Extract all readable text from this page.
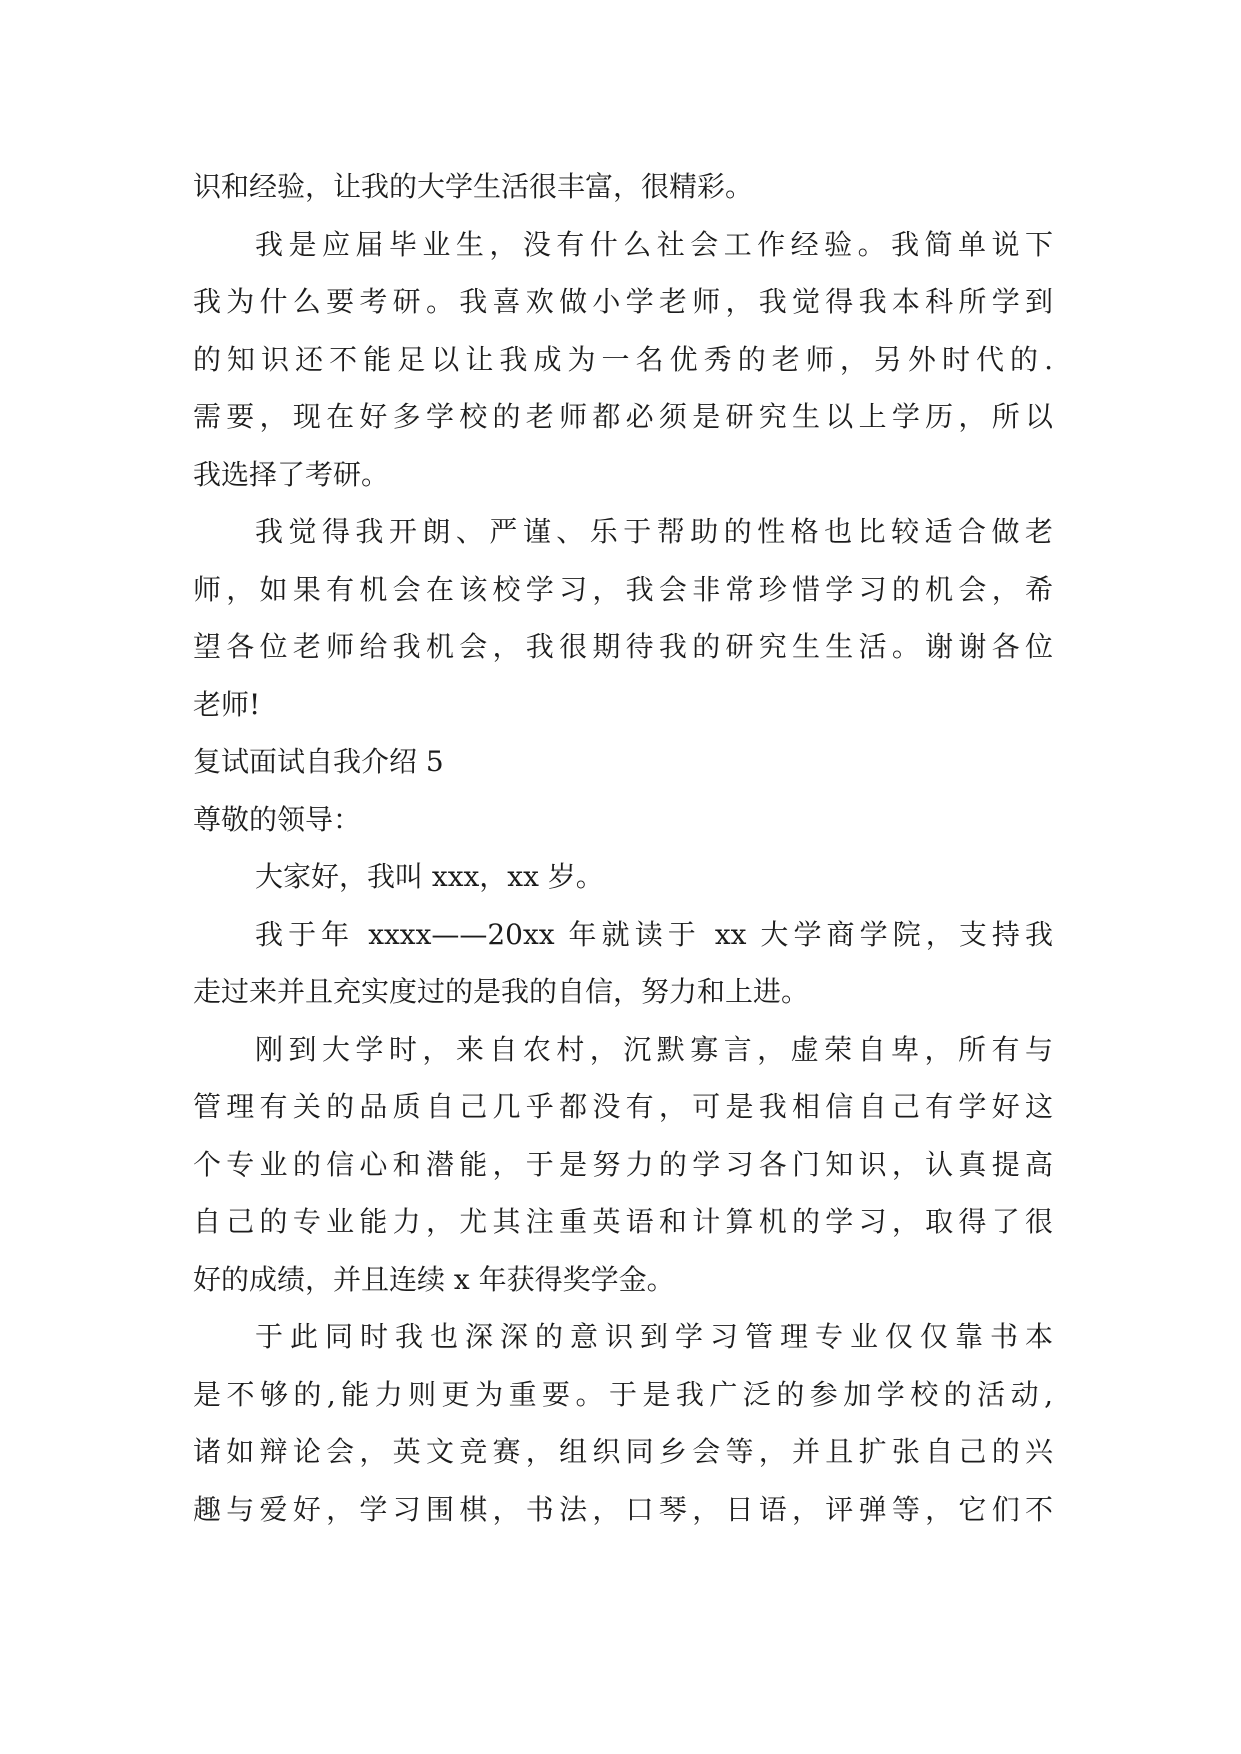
识和经验，让我的大学生活很丰富，很精彩。
我是应届毕业生，没有什么社会工作经验。我简单说下
我为什么要考研。我喜欢做小学老师，我觉得我本科所学到
的知识还不能足以让我成为一名优秀的老师，另外时代的.
需要，现在好多学校的老师都必须是研究生以上学历，所以
我选择了考研。
我觉得我开朗、严谨、乐于帮助的性格也比较适合做老
师，如果有机会在该校学习，我会非常珍惜学习的机会，希
望各位老师给我机会，我很期待我的研究生生活。谢谢各位
老师!
复试面试自我介绍 5
尊敬的领导：
大家好，我叫 xxx，xx 岁。
我于年 xxxx——20xx 年就读于 xx 大学商学院，支持我
走过来并且充实度过的是我的自信，努力和上进。
刚到大学时，来自农村，沉默寡言，虚荣自卑，所有与
管理有关的品质自己几乎都没有，可是我相信自己有学好这
个专业的信心和潜能，于是努力的学习各门知识，认真提高
自己的专业能力，尤其注重英语和计算机的学习，取得了很
好的成绩，并且连续 x 年获得奖学金。
于此同时我也深深的意识到学习管理专业仅仅靠书本
是不够的,能力则更为重要。于是我广泛的参加学校的活动,
诸如辩论会，英文竞赛，组织同乡会等，并且扩张自己的兴
趣与爱好，学习围棋，书法，口琴，日语，评弹等，它们不
